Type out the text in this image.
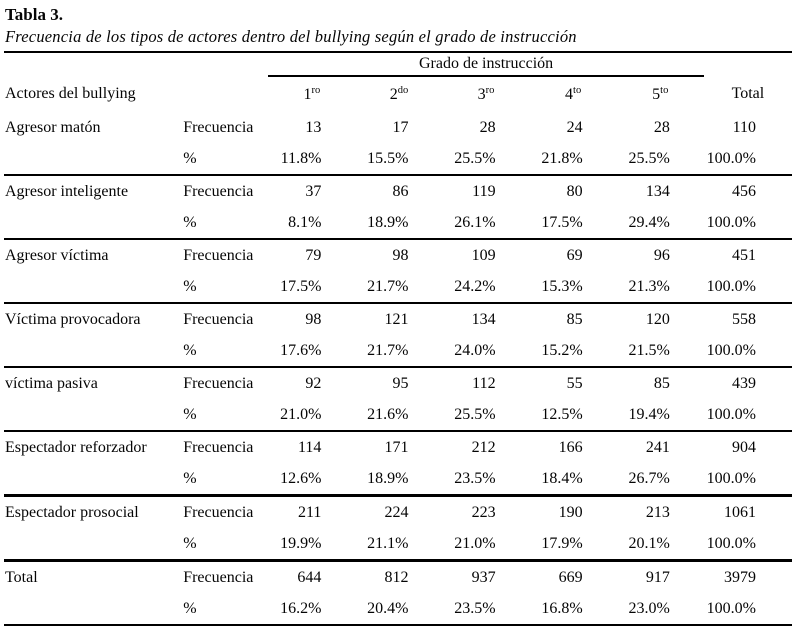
Tabla 3.
Frecuencia de los tipos de actores dentro del bullying según el grado de instrucción
		Grado de instrucción					
Actores del bullying		$1^{ro}$	$2^{do}$	$3^{ro}$	$4^{to}$	$5^{to}$	Total
Agresor matón	Frecuencia	13	17	28	24	28	110
	%	11.8%	15.5%	25.5%	21.8%	25.5%	100.0%
Agresor inteligente	Frecuencia	37	86	119	80	134	456
	%	8.1%	18.9%	26.1%	17.5%	29.4%	100.0%
Agresor víctima	Frecuencia	79	98	109	69	96	451
	%	17.5%	21.7%	24.2%	15.3%	21.3%	100.0%
Víctima provocadora	Frecuencia	98	121	134	85	120	558
	%	17.6%	21.7%	24.0%	15.2%	21.5%	100.0%
víctima pasiva	Frecuencia	92	95	112	55	85	439
	%	21.0%	21.6%	25.5%	12.5%	19.4%	100.0%
Espectador reforzador	Frecuencia	114	171	212	166	241	904
	%	12.6%	18.9%	23.5%	18.4%	26.7%	100.0%
Espectador prosocial	Frecuencia	211	224	223	190	213	1061
	%	19.9%	21.1%	21.0%	17.9%	20.1%	100.0%
Total	Frecuencia	644	812	937	669	917	3979
	%	16.2%	20.4%	23.5%	16.8%	23.0%	100.0%
